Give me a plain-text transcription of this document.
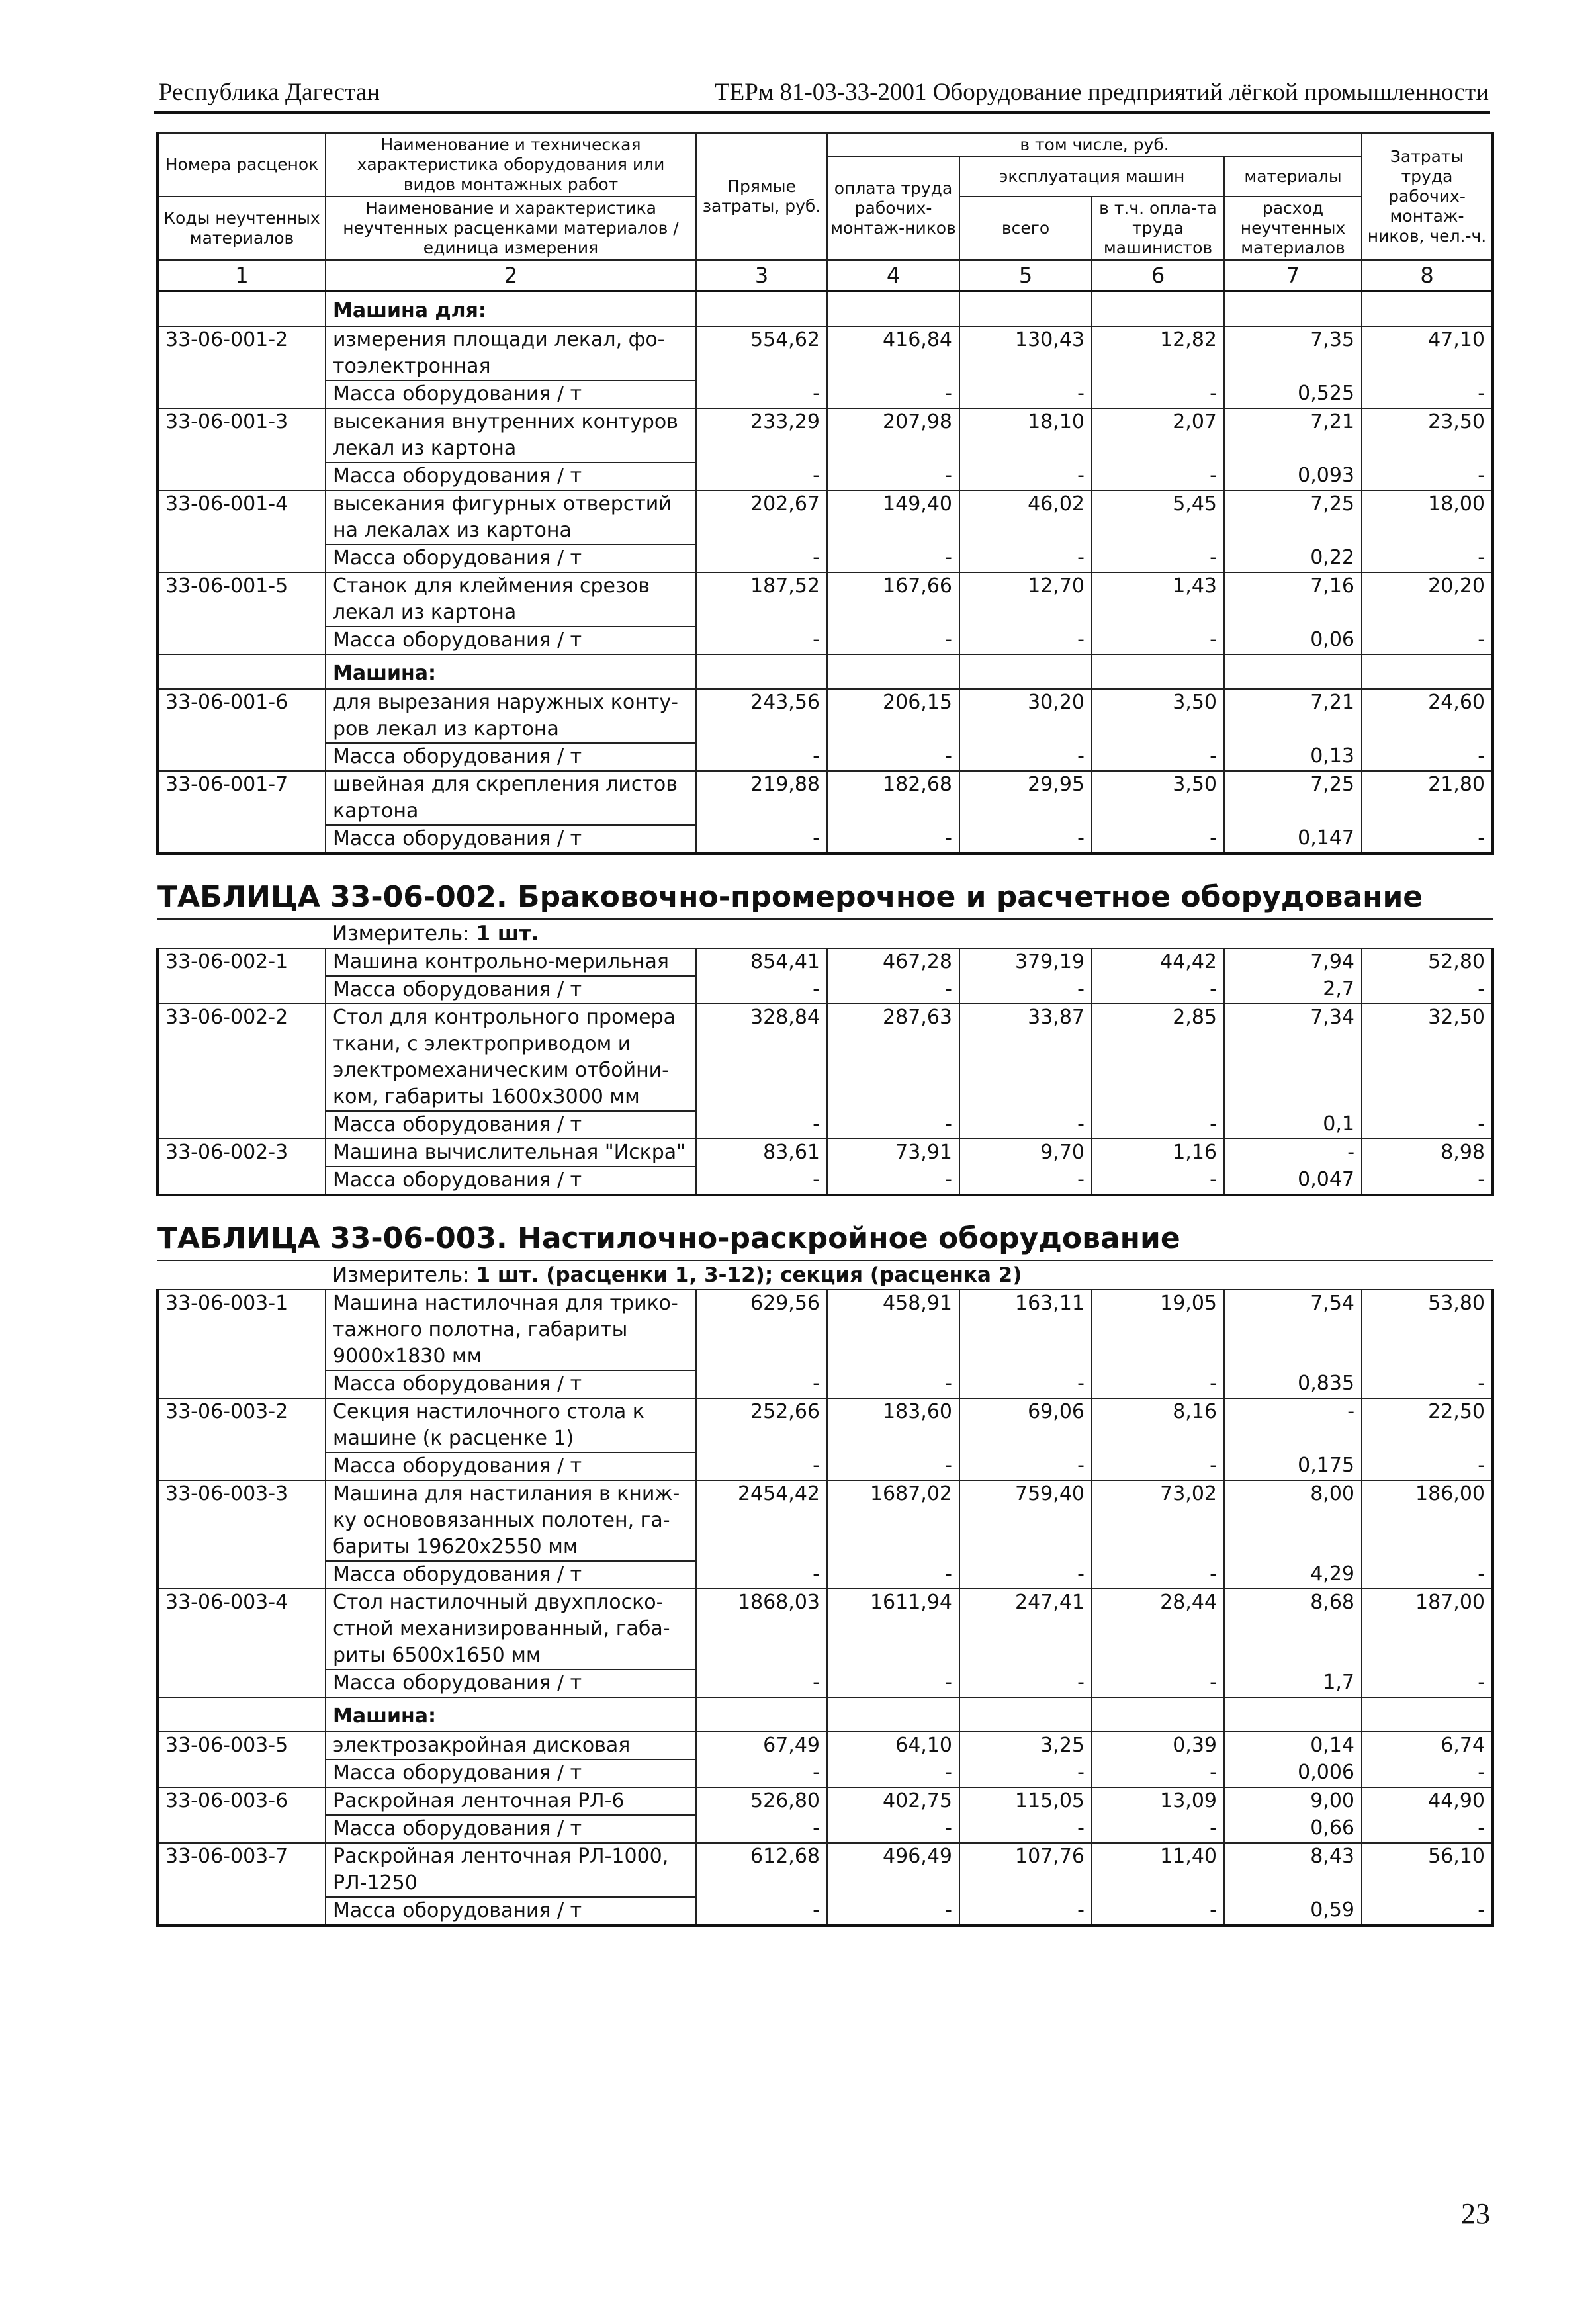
Республика Дагестан	ТЕРм 81-03-33-2001 Оборудование предприятий лёгкой промышленности
Номера расценок	Наименование и техническая характеристика оборудования или видов монтажных работ	Прямые затраты, руб.	в том числе, руб.				Затраты труда рабочих-монтаж-ников, чел.-ч.
			оплата труда рабочих-монтаж-ников	эксплуатация машин		материалы	
Коды неучтенных материалов	Наименование и характеристика неучтенных расценками материалов / единица измерения			всего	в т.ч. опла-та труда машинистов	расход неучтенных материалов	

1	2	3	4	5	6	7	8
	Машина для:						
33-06-001-2	измерения площади лекал, фо-тоэлектронная	554,62	416,84	130,43	12,82	7,35	47,10
	Масса оборудования / т	-	-	-	-	0,525	-
33-06-001-3	высекания внутренних контуров лекал из картона	233,29	207,98	18,10	2,07	7,21	23,50
	Масса оборудования / т	-	-	-	-	0,093	-
33-06-001-4	высекания фигурных отверстий на лекалах из картона	202,67	149,40	46,02	5,45	7,25	18,00
	Масса оборудования / т	-	-	-	-	0,22	-
33-06-001-5	Станок для клеймения срезов лекал из картона	187,52	167,66	12,70	1,43	7,16	20,20
	Масса оборудования / т	-	-	-	-	0,06	-
	Машина:						
33-06-001-6	для вырезания наружных конту-ров лекал из картона	243,56	206,15	30,20	3,50	7,21	24,60
	Масса оборудования / т	-	-	-	-	0,13	-
33-06-001-7	швейная для скрепления листов картона	219,88	182,68	29,95	3,50	7,25	21,80
	Масса оборудования / т	-	-	-	-	0,147	-
ТАБЛИЦА 33-06-002. Браковочно-промерочное и расчетное оборудование							
	Измеритель: 1 шт.						
33-06-002-1	Машина контрольно-мерильная	854,41	467,28	379,19	44,42	7,94	52,80
	Масса оборудования / т	-	-	-	-	2,7	-
33-06-002-2	Стол для контрольного промера ткани, с электроприводом и электромеханическим отбойни-ком, габариты 1600х3000 мм	328,84	287,63	33,87	2,85	7,34	32,50
	Масса оборудования / т	-	-	-	-	0,1	-
33-06-002-3	Машина вычислительная "Искра"	83,61	73,91	9,70	1,16	-	8,98
	Масса оборудования / т	-	-	-	-	0,047	-
ТАБЛИЦА 33-06-003. Настилочно-раскройное оборудование							
	Измеритель: 1 шт. (расценки 1, 3-12); секция (расценка 2)						
33-06-003-1	Машина настилочная для трико-тажного полотна, габариты 9000х1830 мм	629,56	458,91	163,11	19,05	7,54	53,80
	Масса оборудования / т	-	-	-	-	0,835	-
33-06-003-2	Секция настилочного стола к машине (к расценке 1)	252,66	183,60	69,06	8,16	-	22,50
	Масса оборудования / т	-	-	-	-	0,175	-
33-06-003-3	Машина для настилания в книж-ку основовязанных полотен, га-бариты 19620х2550 мм	2454,42	1687,02	759,40	73,02	8,00	186,00
	Масса оборудования / т	-	-	-	-	4,29	-
33-06-003-4	Стол настилочный двухплоско-стной механизированный, габа-риты 6500х1650 мм	1868,03	1611,94	247,41	28,44	8,68	187,00
	Масса оборудования / т	-	-	-	-	1,7	-
	Машина:						
33-06-003-5	электрозакройная дисковая	67,49	64,10	3,25	0,39	0,14	6,74
	Масса оборудования / т	-	-	-	-	0,006	-
33-06-003-6	Раскройная ленточная РЛ-6	526,80	402,75	115,05	13,09	9,00	44,90
	Масса оборудования / т	-	-	-	-	0,66	-
33-06-003-7	Раскройная ленточная РЛ-1000, РЛ-1250	612,68	496,49	107,76	11,40	8,43	56,10
	Масса оборудования / т	-	-	-	-	0,59	-
23
